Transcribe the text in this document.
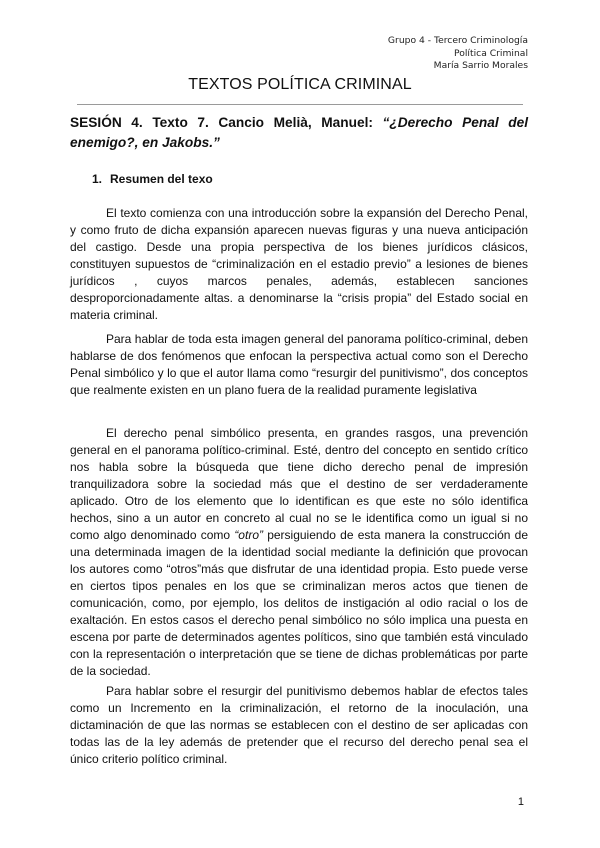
Grupo 4 - Tercero Criminología
Política Criminal
María Sarrio Morales
TEXTOS POLÍTICA CRIMINAL
SESIÓN 4. Texto 7. Cancio Melià, Manuel: “¿Derecho Penal del enemigo?, en Jakobs.”
1. Resumen del texo

El texto comienza con una introducción sobre la expansión del Derecho Penal, y como fruto de dicha expansión aparecen nuevas figuras y una nueva anticipación del castigo. Desde una propia perspectiva de los bienes jurídicos clásicos, constituyen supuestos de “criminalización en el estadio previo” a lesiones de bienes jurídicos , cuyos marcos penales, además, establecen sanciones desproporcionadamente altas. a denominarse la “crisis propia” del Estado social en materia criminal.

Para hablar de toda esta imagen general del panorama político-criminal, deben hablarse de dos fenómenos que enfocan la perspectiva actual como son el Derecho Penal simbólico y lo que el autor llama como “resurgir del punitivismo”, dos conceptos que realmente existen en un plano fuera de la realidad puramente legislativa

El derecho penal simbólico presenta, en grandes rasgos, una prevención general en el panorama político-criminal. Esté, dentro del concepto en sentido crítico nos habla sobre la búsqueda que tiene dicho derecho penal de impresión tranquilizadora sobre la sociedad más que el destino de ser verdaderamente aplicado. Otro de los elemento que lo identifican es que este no sólo identifica hechos, sino a un autor en concreto al cual no se le identifica como un igual si no como algo denominado como “otro” persiguiendo de esta manera la construcción de una determinada imagen de la identidad social mediante la definición que provocan los autores como “otros”más que disfrutar de una identidad propia. Esto puede verse en ciertos tipos penales en los que se criminalizan meros actos que tienen de comunicación, como, por ejemplo, los delitos de instigación al odio racial o los de exaltación. En estos casos el derecho penal simbólico no sólo implica una puesta en escena por parte de determinados agentes políticos, sino que también está vinculado con la representación o interpretación que se tiene de dichas problemáticas por parte de la sociedad.

Para hablar sobre el resurgir del punitivismo debemos hablar de efectos tales como un Incremento en la criminalización, el retorno de la inoculación, una dictaminación de que las normas se establecen con el destino de ser aplicadas con todas las de la ley además de pretender que el recurso del derecho penal sea el único criterio político criminal.

1
